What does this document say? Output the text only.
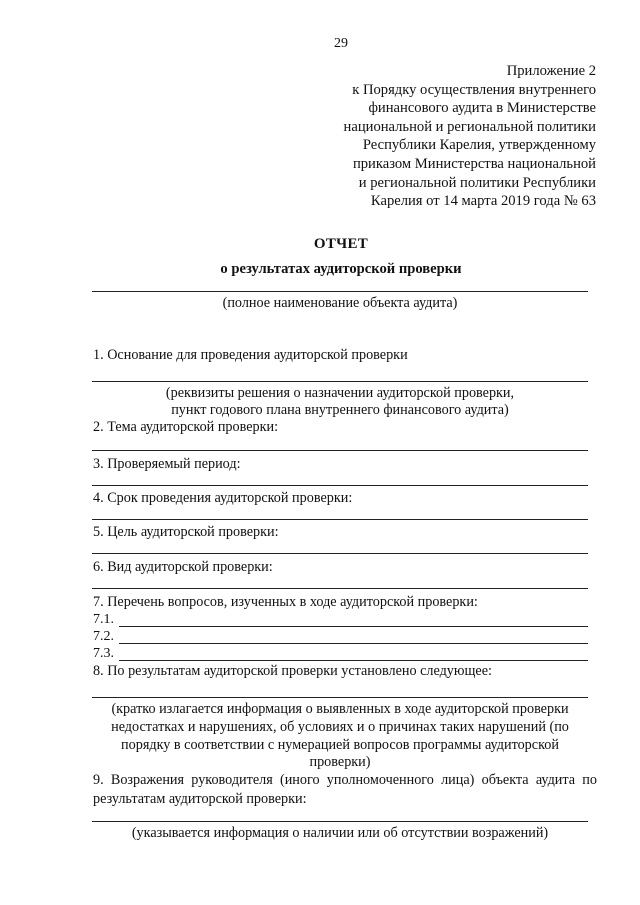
29
Приложение 2
к Порядку осуществления внутреннего
финансового аудита в Министерстве
национальной и региональной политики
Республики Карелия, утвержденному
приказом Министерства национальной
и региональной политики Республики
Карелия от 14 марта 2019 года № 63
ОТЧЕТ
о результатах аудиторской проверки
(полное наименование объекта аудита)
1. Основание для проведения аудиторской проверки
(реквизиты решения о назначении аудиторской проверки,
пункт годового плана внутреннего финансового аудита)
2. Тема аудиторской проверки:
3. Проверяемый период:
4. Срок проведения аудиторской проверки:
5. Цель аудиторской проверки:
6. Вид аудиторской проверки:
7. Перечень вопросов, изученных в ходе аудиторской проверки:
7.1.
7.2.
7.3.
8. По результатам аудиторской проверки установлено следующее:
(кратко излагается информация о выявленных в ходе аудиторской проверки
недостатках и нарушениях, об условиях и о причинах таких нарушений (по
порядку в соответствии с нумерацией вопросов программы аудиторской
проверки)
9. Возражения руководителя (иного уполномоченного лица) объекта аудита по результатам аудиторской проверки:
(указывается информация о наличии или об отсутствии возражений)
